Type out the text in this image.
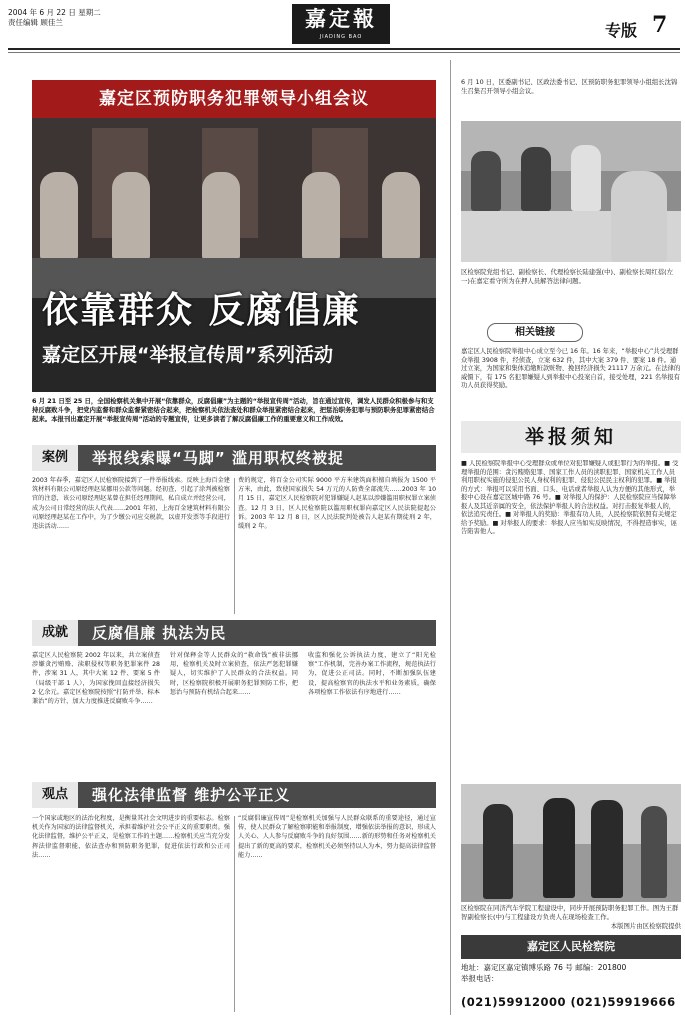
2004 年 6 月 22 日 星期二
责任编辑 顾佳兰	嘉定報
JIADING BAO	专版 7
嘉定区预防职务犯罪领导小组会议
依靠群众 反腐倡廉
嘉定区开展“举报宣传周”系列活动
6 月 21 日至 25 日，全国检察机关集中开展“依靠群众，反腐倡廉”为主题的“举报宣传周”活动，旨在通过宣传，调发人民群众积极参与和支持反腐败斗争，把党内监督和群众监督紧密结合起来，把检察机关依法查处和群众举报紧密结合起来，把惩治职务犯罪与预防职务犯罪紧密结合起来。本报刊出嘉定开展“举报宣传周”活动的专题宣传，让更多读者了解反腐倡廉工作的重要意义和工作成效。
案例	举报线索曝“马脚” 滥用职权终被捉
2003 年春季，嘉定区人民检察院接到了一件举报线索。反映上海百金建筑材料有限公司原经理赵某挪用公款等问题。经初查，引起了涂判被检察官的注意，该公司原经理赵某曾在担任经理期间，私自成立并经营公司，成为公司日常经营的法人代表……2001 年初，上海百金建筑材料有限公司原经理赵某在工作中，为了少缴公司应交税款，以虚开发票等手段进行违法活动……
费的规定，将百金公司实际 9000 平方米建筑面积擅自填报为 1500 平方米，由此，致使国家损失 54 万元的人防费全部流失……2003 年 10 月 15 日，嘉定区人民检察院对犯罪嫌疑人赵某以涉嫌滥用职权罪立案侦查。12 月 3 日，区人民检察院以滥用职权罪向嘉定区人民法院提起公诉。2003 年 12 月 8 日，区人民法院判处被告人赵某有期徒刑 2 年，缓刑 2 年。
成就	反腐倡廉 执法为民
嘉定区人民检察院 2002 年以来，共立案侦查涉嫌贪污贿赂、渎职侵权等职务犯罪案件 28 件，涉案 31 人，其中大案 12 件、要案 5 件（局级干部 1 人），为国家挽回直接经济损失 2 亿余元。嘉定区检察院按照“打防并举、标本兼治”的方针，加大力度推进反腐败斗争……
针对保释金等人民群众的“救命钱”被非法挪用，检察机关及时立案侦查，依法严惩犯罪嫌疑人，切实维护了人民群众的合法权益。同时，区检察院积极开展职务犯罪预防工作，把惩治与预防有机结合起来……
收监和强化公诉执法力度，建立了“阳光检察”工作机制，完善办案工作流程，规范执法行为，促进公正司法。同时，不断加强队伍建设，提高检察官的执法水平和业务素质，确保各项检察工作依法有序地进行……
观点	强化法律监督 维护公平正义
一个国家或地区的法治化程度，是衡量其社会文明进步的重要标志。检察机关作为国家的法律监督机关，承担着维护社会公平正义的重要职责。强化法律监督，维护公平正义，是检察工作的主题……检察机关应当充分发挥法律监督职能，依法查办和预防职务犯罪，促进依法行政和公正司法……
“反腐倡廉宣传周”是检察机关加强与人民群众联系的重要途径，通过宣传，使人民群众了解检察职能和举报制度，增强依法举报的意识，形成人人关心、人人参与反腐败斗争的良好氛围……新的形势和任务对检察机关提出了新的更高的要求，检察机关必须坚持以人为本，努力提高法律监督能力……
6 月 10 日，区委副书记、区政法委书记、区预防职务犯罪领导小组组长沈锦生召集召开领导小组会议。
区检察院党组书记、副检察长、代理检察长陆建强(中)、副检察长周红蓓(左一)在嘉定看守所为在押人员解答法律问题。
相关链接
嘉定区人民检察院举报中心成立至今已 16 年。16 年来，“举报中心”共受理群众举报 3908 件，经侦查，立案 632 件，其中大案 379 件、要案 18 件。通过立案，为国家和集体追缴赃款赃物、挽回经济损失 21117 万余元。在法律的威慑下，有 175 名犯罪嫌疑人到举报中心投案自首，接受处理，221 名举报有功人员获得奖励。
举报须知
■ 人民检察院举报中心受理群众或单位对犯罪嫌疑人或犯罪行为的举报。■ 受理举报的范围：贪污贿赂犯罪、国家工作人员的渎职犯罪、国家机关工作人员利用职权实施的侵犯公民人身权利的犯罪、侵犯公民民主权利的犯罪。■ 举报的方式：举报可以采用书面、口头、电话或者举报人认为方便的其他形式，举报中心设在嘉定区城中路 76 号。■ 对举报人的保护：人民检察院应当保障举报人及其近亲属的安全，依法保护举报人的合法权益。对打击报复举报人的，依法追究责任。■ 对举报人的奖励：举报有功人员，人民检察院依照有关规定给予奖励。■ 对举报人的要求：举报人应当如实反映情况，不得捏造事实，诬告陷害他人。
区检察院在同济汽车学院工程建设中，同步开展预防职务犯罪工作。图为王群智副检察长(中)与工程建设方负责人在现场检查工作。
本版图片由区检察院提供
嘉定区人民检察院
地址：嘉定区嘉定镇博乐路 76 号 邮编：201800
举报电话：
(021)59912000 (021)59919666
